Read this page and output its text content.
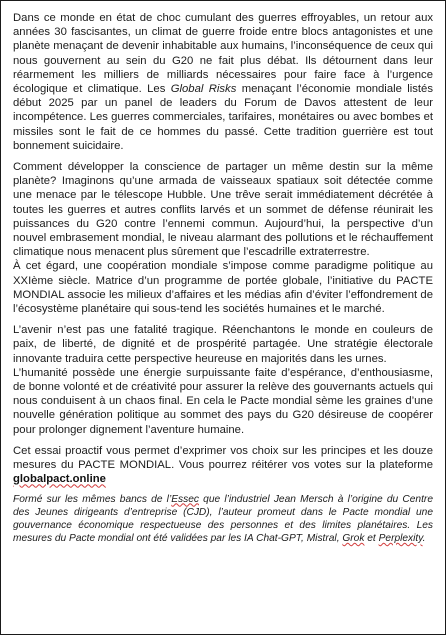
Dans ce monde en état de choc cumulant des guerres effroyables, un retour aux années 30 fascisantes, un climat de guerre froide entre blocs antagonistes et une planète menaçant de devenir inhabitable aux humains, l’inconséquence de ceux qui nous gouvernent au sein du G20 ne fait plus débat. Ils détournent dans leur réarmement les milliers de milliards nécessaires pour faire face à l’urgence écologique et climatique. Les Global Risks menaçant l’économie mondiale listés début 2025 par un panel de leaders du Forum de Davos attestent de leur incompétence. Les guerres commerciales, tarifaires, monétaires ou avec bombes et missiles sont le fait de ce hommes du passé. Cette tradition guerrière est tout bonnement suicidaire.

Comment développer la conscience de partager un même destin sur la même planète? Imaginons qu’une armada de vaisseaux spatiaux soit détectée comme une menace par le télescope Hubble. Une trêve serait immédiatement décrétée à toutes les guerres et autres conflits larvés et un sommet de défense réunirait les puissances du G20 contre l’ennemi commun. Aujourd’hui, la perspective d’un nouvel embrasement mondial, le niveau alarmant des pollutions et le réchauffement climatique nous menacent plus sûrement que l’escadrille extraterrestre.

À cet égard, une coopération mondiale s’impose comme paradigme politique au XXIème siècle. Matrice d’un programme de portée globale, l’initiative du PACTE MONDIAL associe les milieux d’affaires et les médias afin d’éviter l’effondrement de l’écosystème planétaire qui sous-tend les sociétés humaines et le marché.

L’avenir n’est pas une fatalité tragique. Réenchantons le monde en couleurs de paix, de liberté, de dignité et de prospérité partagée. Une stratégie électorale innovante traduira cette perspective heureuse en majorités dans les urnes.

L’humanité possède une énergie surpuissante faite d’espérance, d’enthousiasme, de bonne volonté et de créativité pour assurer la relève des gouvernants actuels qui nous conduisent à un chaos final. En cela le Pacte mondial sème les graines d’une nouvelle génération politique au sommet des pays du G20 désireuse de coopérer pour prolonger dignement l’aventure humaine.

Cet essai proactif vous permet d’exprimer vos choix sur les principes et les douze mesures du PACTE MONDIAL. Vous pourrez réitérer vos votes sur la plateforme globalpact.online

Formé sur les mêmes bancs de l’Essec que l’industriel Jean Mersch à l’origine du Centre des Jeunes dirigeants d’entreprise (CJD), l’auteur promeut dans le Pacte mondial une gouvernance économique respectueuse des personnes et des limites planétaires. Les mesures du Pacte mondial ont été validées par les IA Chat-GPT, Mistral, Grok et Perplexity.
